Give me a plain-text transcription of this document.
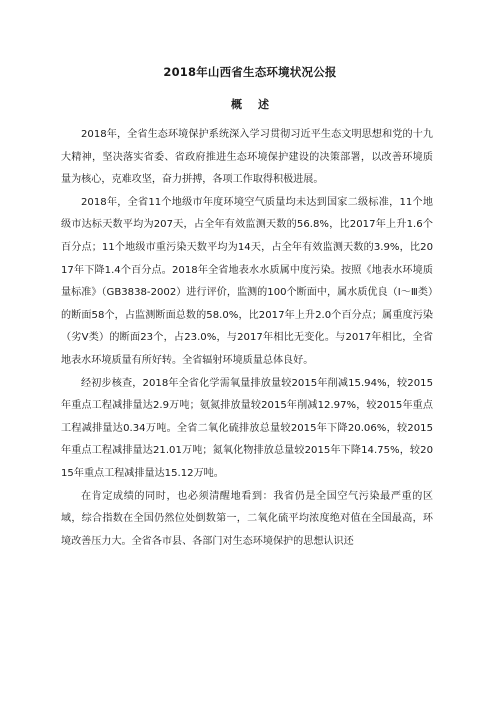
2018年山西省生态环境状况公报
概述

2018年，全省生态环境保护系统深入学习贯彻习近平生态文明思想和党的十九大精神，坚决落实省委、省政府推进生态环境保护建设的决策部署，以改善环境质量为核心，克难攻坚，奋力拼搏，各项工作取得积极进展。

2018年，全省11个地级市年度环境空气质量均未达到国家二级标准，11个地级市达标天数平均为207天，占全年有效监测天数的56.8%，比2017年上升1.6个百分点；11个地级市重污染天数平均为14天，占全年有效监测天数的3.9%，比2017年下降1.4个百分点。2018年全省地表水水质属中度污染。按照《地表水环境质量标准》（GB3838-2002）进行评价，监测的100个断面中，属水质优良（Ⅰ～Ⅲ类）的断面58个，占监测断面总数的58.0%，比2017年上升2.0个百分点；属重度污染（劣Ⅴ类）的断面23个，占23.0%，与2017年相比无变化。与2017年相比，全省地表水环境质量有所好转。全省辐射环境质量总体良好。

经初步核查，2018年全省化学需氧量排放量较2015年削减15.94%，较2015年重点工程减排量达2.9万吨；氨氮排放量较2015年削减12.97%，较2015年重点工程减排量达0.34万吨。全省二氧化硫排放总量较2015年下降20.06%，较2015年重点工程减排量达21.01万吨；氮氧化物排放总量较2015年下降14.75%，较2015年重点工程减排量达15.12万吨。

在肯定成绩的同时，也必须清醒地看到：我省仍是全国空气污染最严重的区域，综合指数在全国仍然位处倒数第一，二氧化硫平均浓度绝对值在全国最高，环境改善压力大。全省各市县、各部门对生态环境保护的思想认识还
